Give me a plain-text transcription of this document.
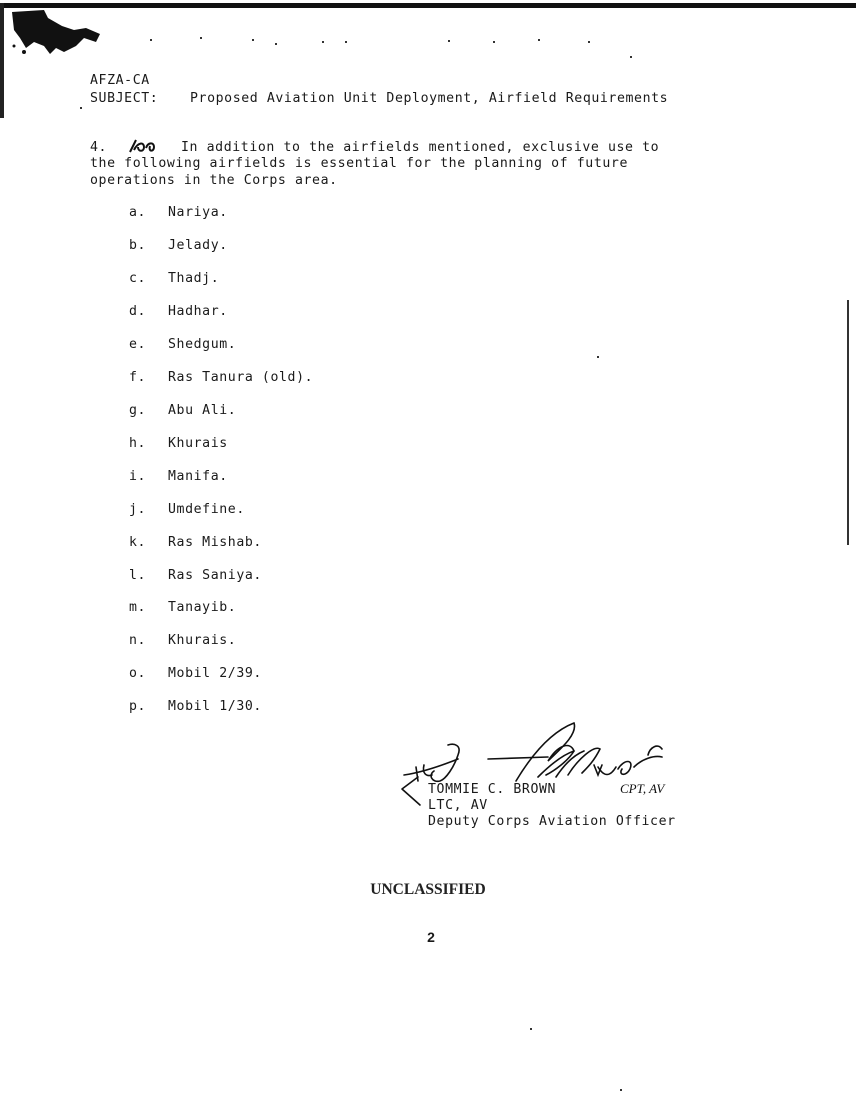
AFZA-CA
SUBJECT: Proposed Aviation Unit Deployment, Airfield Requirements
4.	In addition to the airfields mentioned, exclusive use to
the following airfields is essential for the planning of future
operations in the Corps area.
a. Nariya.
b. Jelady.
c. Thadj.
d. Hadhar.
e. Shedgum.
f. Ras Tanura (old).
g. Abu Ali.
h. Khurais
i. Manifa.
j. Umdefine.
k. Ras Mishab.
l. Ras Saniya.
m. Tanayib.
n. Khurais.
o. Mobil 2/39.
p. Mobil 1/30.
CPT, AV
TOMMIE C. BROWN
LTC, AV
Deputy Corps Aviation Officer
UNCLASSIFIED
2
